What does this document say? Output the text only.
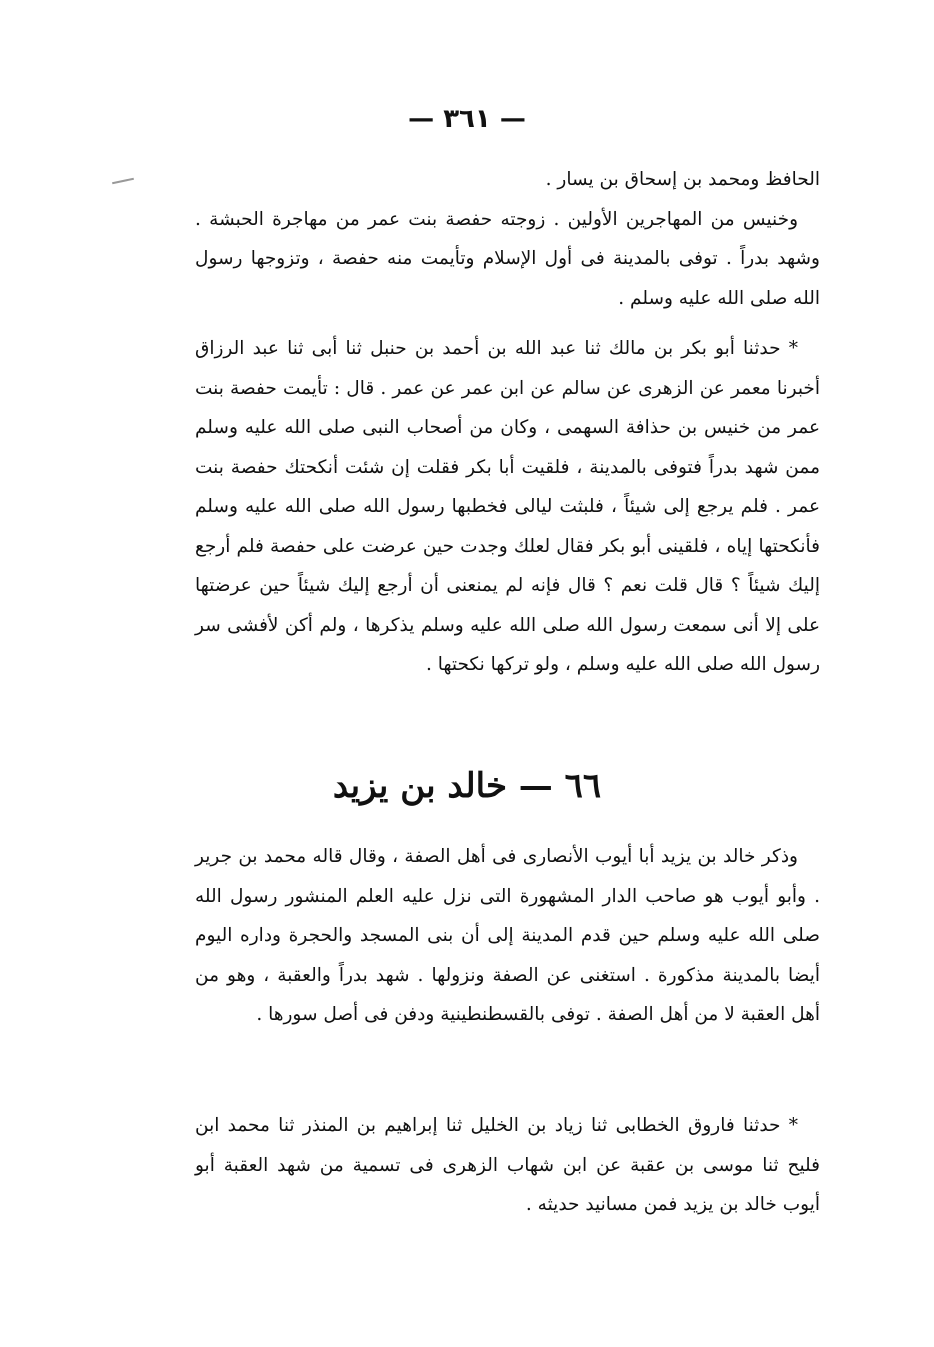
— ٣٦١ —

الحافظ ومحمد بن إسحاق بن يسار .

وخنيس من المهاجرين الأولين . زوجته حفصة بنت عمر من مهاجرة الحبشة . وشهد بدراً . توفى بالمدينة فى أول الإسلام وتأيمت منه حفصة ، وتزوجها رسول الله صلى الله عليه وسلم .

* حدثنا أبو بكر بن مالك ثنا عبد الله بن أحمد بن حنبل ثنا أبى ثنا عبد الرزاق أخبرنا معمر عن الزهرى عن سالم عن ابن عمر عن عمر . قال : تأيمت حفصة بنت عمر من خنيس بن حذافة السهمى ، وكان من أصحاب النبى صلى الله عليه وسلم ممن شهد بدراً فتوفى بالمدينة ، فلقيت أبا بكر فقلت إن شئت أنكحتك حفصة بنت عمر . فلم يرجع إلى شيئاً ، فلبثت ليالى فخطبها رسول الله صلى الله عليه وسلم فأنكحتها إياه ، فلقينى أبو بكر فقال لعلك وجدت حين عرضت على حفصة فلم أرجع إليك شيئاً ؟ قال قلت نعم ؟ قال فإنه لم يمنعنى أن أرجع إليك شيئاً حين عرضتها على إلا أنى سمعت رسول الله صلى الله عليه وسلم يذكرها ، ولم أكن لأفشى سر رسول الله صلى الله عليه وسلم ، ولو تركها نكحتها .

٦٦ — خالد بن يزيد

وذكر خالد بن يزيد أبا أيوب الأنصارى فى أهل الصفة ، وقال قاله محمد بن جرير . وأبو أيوب هو صاحب الدار المشهورة التى نزل عليه العلم المنشور رسول الله صلى الله عليه وسلم حين قدم المدينة إلى أن بنى المسجد والحجرة وداره اليوم أيضا بالمدينة مذكورة . استغنى عن الصفة ونزولها . شهد بدراً والعقبة ، وهو من أهل العقبة لا من أهل الصفة . توفى بالقسطنطينية ودفن فى أصل سورها .

* حدثنا فاروق الخطابى ثنا زياد بن الخليل ثنا إبراهيم بن المنذر ثنا محمد ابن فليح ثنا موسى بن عقبة عن ابن شهاب الزهرى فى تسمية من شهد العقبة أبو أيوب خالد بن يزيد فمن مسانيد حديثه .
